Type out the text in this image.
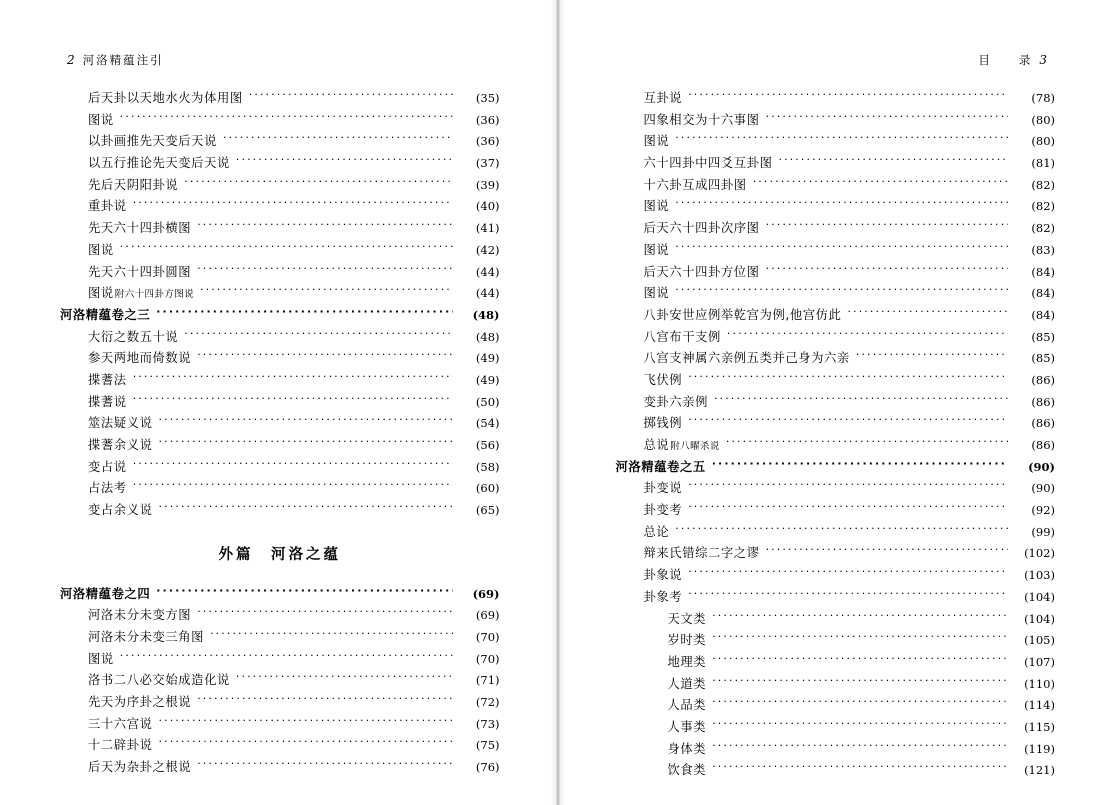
2 河洛精蕴注引
后天卦以天地水火为体用图 ·····	(35)
图说 ·····	(36)
以卦画推先天变后天说 ·····	(36)
以五行推论先天变后天说 ·····	(37)
先后天阴阳卦说 ·····	(39)
重卦说 ·····	(40)
先天六十四卦横图 ·····	(41)
图说 ·····	(42)
先天六十四卦圆图 ·····	(44)
图说 附六十四卦方图说 ·····	(44)
河洛精蕴卷之三 ·····	(48)
大衍之数五十说 ·····	(48)
参天两地而倚数说 ·····	(49)
揲蓍法 ·····	(49)
揲蓍说 ·····	(50)
筮法疑义说 ·····	(54)
揲蓍余义说 ·····	(56)
变占说 ·····	(58)
占法考 ·····	(60)
变占余义说 ·····	(65)
外篇　河洛之蕴
河洛精蕴卷之四 ·····	(69)
河洛未分未变方图 ·····	(69)
河洛未分未变三角图 ·····	(70)
图说 ·····	(70)
洛书二八必交始成造化说 ·····	(71)
先天为序卦之根说 ·····	(72)
三十六宫说 ·····	(73)
十二辟卦说 ·····	(75)
后天为杂卦之根说 ·····	(76)
目　　录 3
互卦说 ·····	(78)
四象相交为十六事图 ·····	(80)
图说 ·····	(80)
六十四卦中四爻互卦图 ·····	(81)
十六卦互成四卦图 ·····	(82)
图说 ·····	(82)
后天六十四卦次序图 ·····	(82)
图说 ·····	(83)
后天六十四卦方位图 ·····	(84)
图说 ·····	(84)
八卦安世应例举乾宫为例,他宫仿此 ·····	(84)
八宫布干支例 ·····	(85)
八宫支神属六亲例五类并己身为六亲 ·····	(85)
飞伏例 ·····	(86)
变卦六亲例 ·····	(86)
掷钱例 ·····	(86)
总说 附八曜杀说 ·····	(86)
河洛精蕴卷之五 ·····	(90)
卦变说 ·····	(90)
卦变考 ·····	(92)
总论 ·····	(99)
辩来氏错综二字之谬 ·····	(102)
卦象说 ·····	(103)
卦象考 ·····	(104)
天文类 ·····	(104)
岁时类 ·····	(105)
地理类 ·····	(107)
人道类 ·····	(110)
人品类 ·····	(114)
人事类 ·····	(115)
身体类 ·····	(119)
饮食类 ·····	(121)
